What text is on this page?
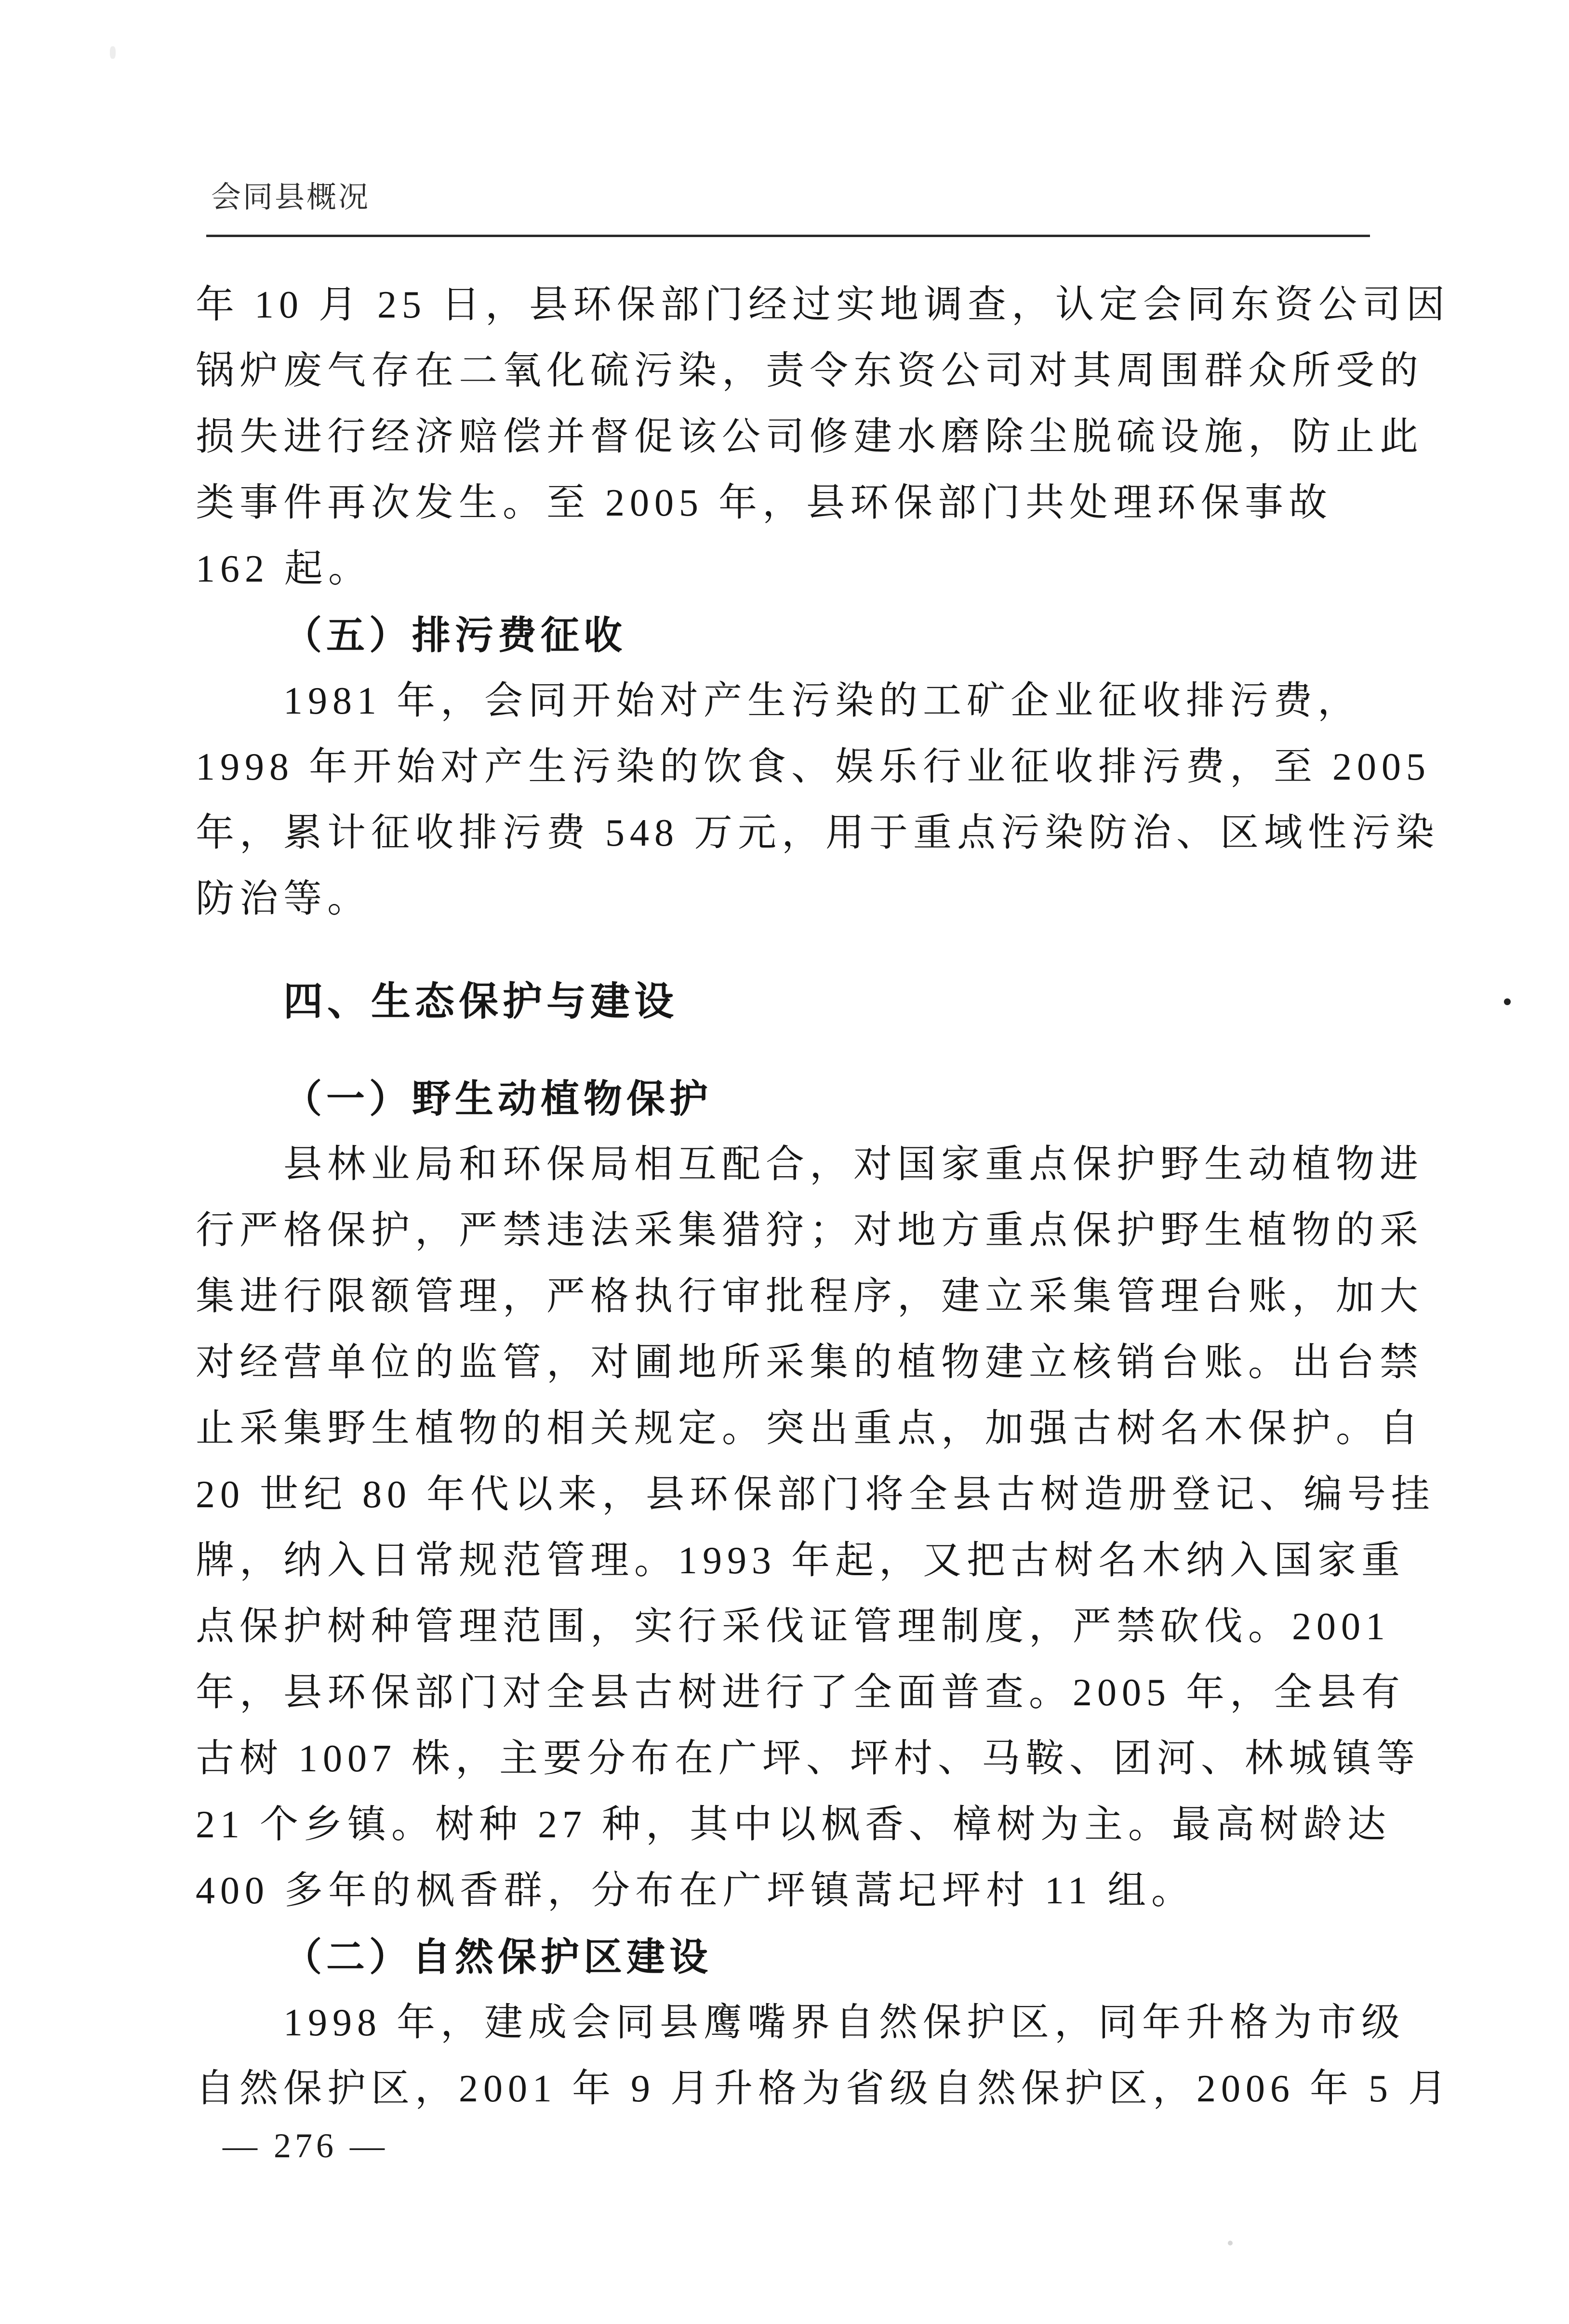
会同县概况

年 10 月 25 日，县环保部门经过实地调查，认定会同东资公司因

锅炉废气存在二氧化硫污染，责令东资公司对其周围群众所受的

损失进行经济赔偿并督促该公司修建水磨除尘脱硫设施，防止此

类事件再次发生。至 2005 年，县环保部门共处理环保事故

162 起。

（五）排污费征收

1981 年，会同开始对产生污染的工矿企业征收排污费，

1998 年开始对产生污染的饮食、娱乐行业征收排污费，至 2005

年，累计征收排污费 548 万元，用于重点污染防治、区域性污染

防治等。

四、生态保护与建设
（一）野生动植物保护

县林业局和环保局相互配合，对国家重点保护野生动植物进

行严格保护，严禁违法采集猎狩；对地方重点保护野生植物的采

集进行限额管理，严格执行审批程序，建立采集管理台账，加大

对经营单位的监管，对圃地所采集的植物建立核销台账。出台禁

止采集野生植物的相关规定。突出重点，加强古树名木保护。自

20 世纪 80 年代以来，县环保部门将全县古树造册登记、编号挂

牌，纳入日常规范管理。1993 年起，又把古树名木纳入国家重

点保护树种管理范围，实行采伐证管理制度，严禁砍伐。2001

年，县环保部门对全县古树进行了全面普查。2005 年，全县有

古树 1007 株，主要分布在广坪、坪村、马鞍、团河、林城镇等

21 个乡镇。树种 27 种，其中以枫香、樟树为主。最高树龄达

400 多年的枫香群，分布在广坪镇蒿圮坪村 11 组。

（二）自然保护区建设

1998 年，建成会同县鹰嘴界自然保护区，同年升格为市级

自然保护区，2001 年 9 月升格为省级自然保护区，2006 年 5 月

— 276 —
